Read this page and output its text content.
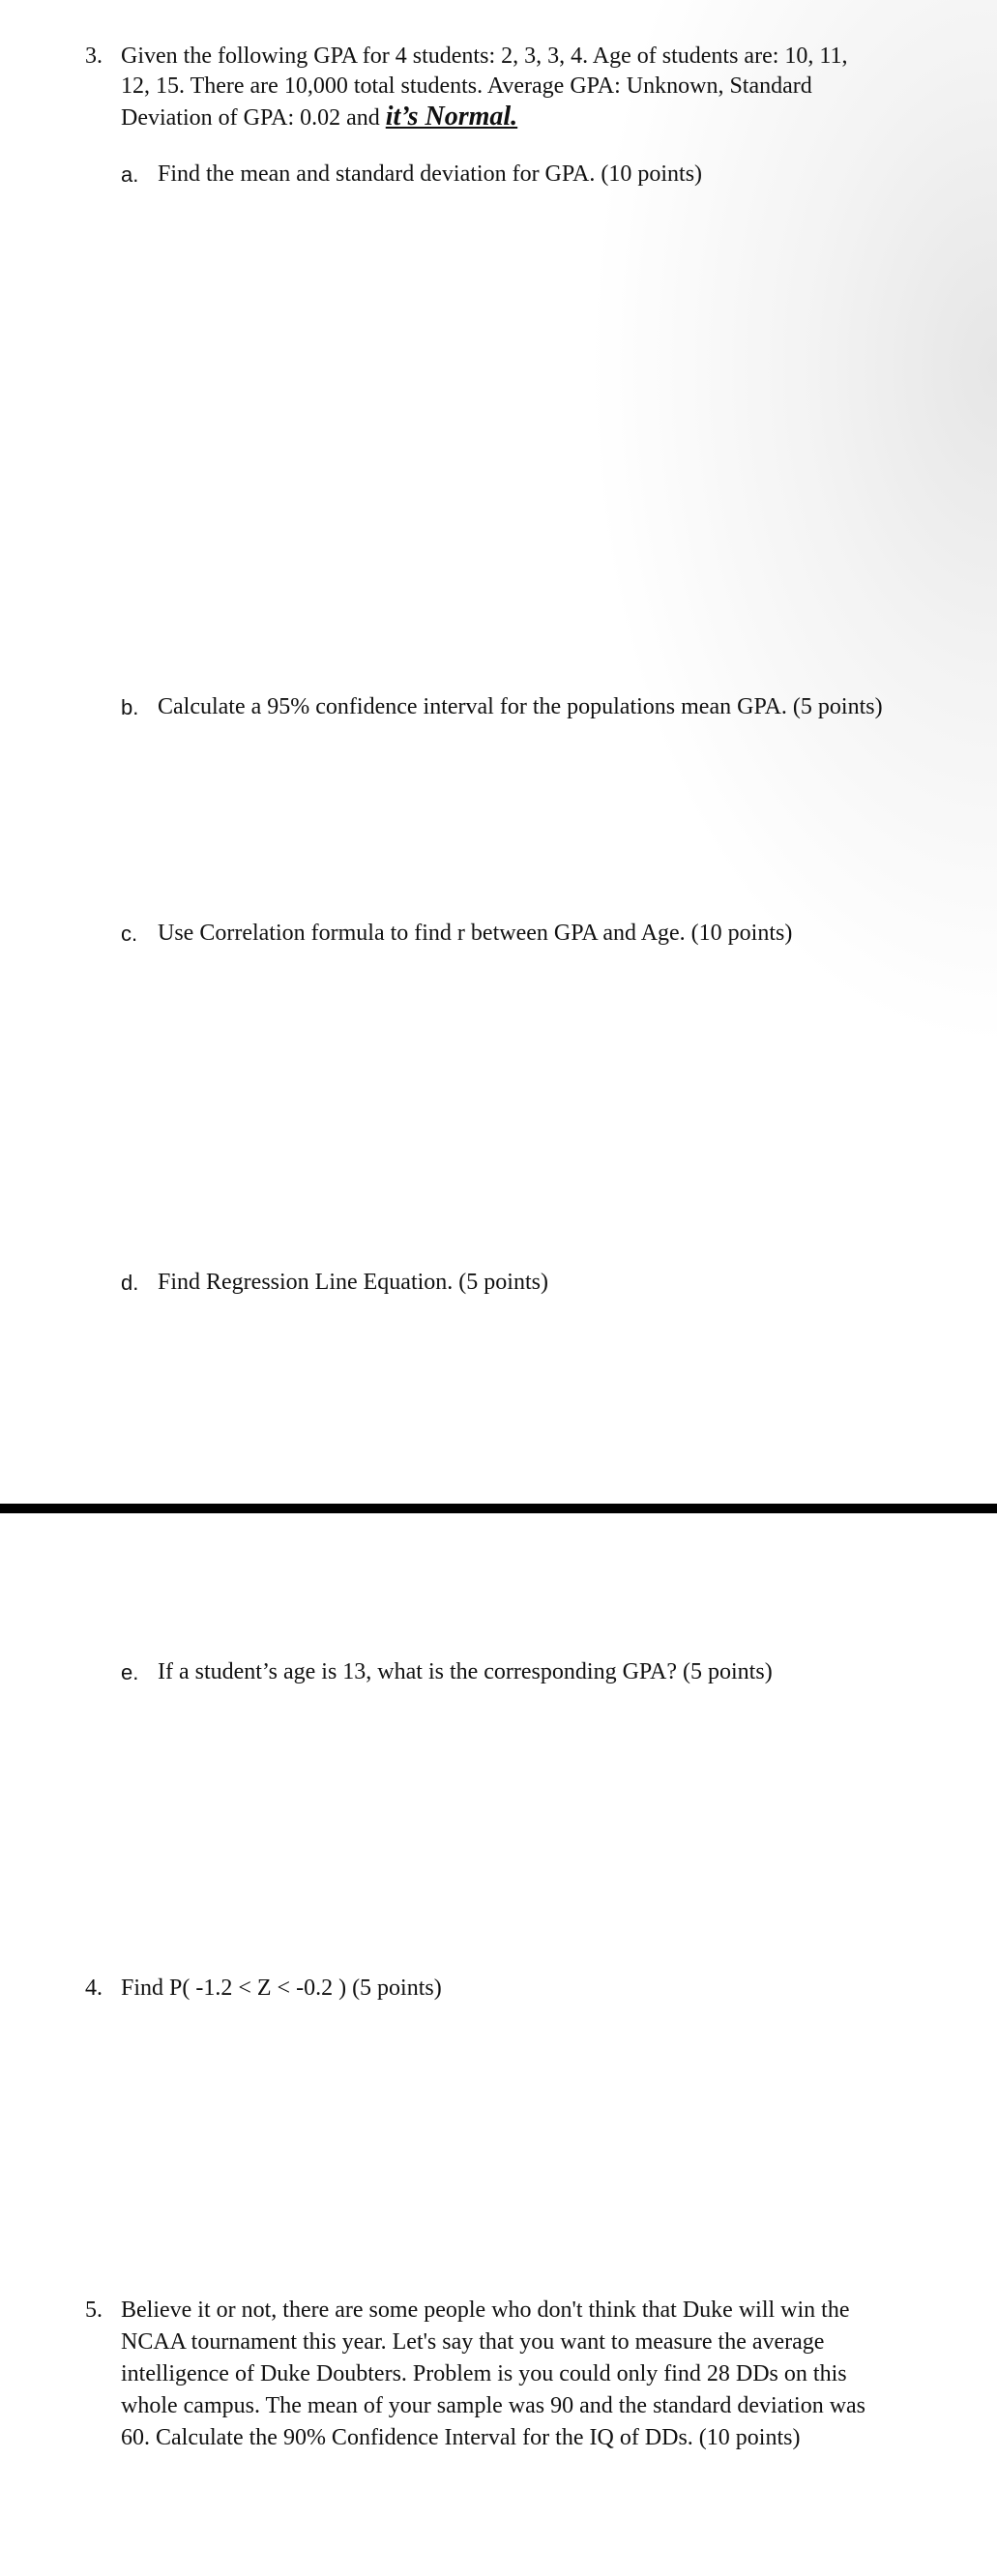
3. Given the following GPA for 4 students: 2, 3, 3, 4. Age of students are: 10, 11,
12, 15. There are 10,000 total students. Average GPA: Unknown, Standard
Deviation of GPA: 0.02 and it’s Normal.
a. Find the mean and standard deviation for GPA. (10 points)
b. Calculate a 95% confidence interval for the populations mean GPA. (5 points)
c. Use Correlation formula to find r between GPA and Age. (10 points)
d. Find Regression Line Equation. (5 points)
e. If a student’s age is 13, what is the corresponding GPA? (5 points)
4. Find P( -1.2 < Z < -0.2 ) (5 points)
5. Believe it or not, there are some people who don't think that Duke will win the
NCAA tournament this year. Let's say that you want to measure the average
intelligence of Duke Doubters. Problem is you could only find 28 DDs on this
whole campus. The mean of your sample was 90 and the standard deviation was
60. Calculate the 90% Confidence Interval for the IQ of DDs. (10 points)
